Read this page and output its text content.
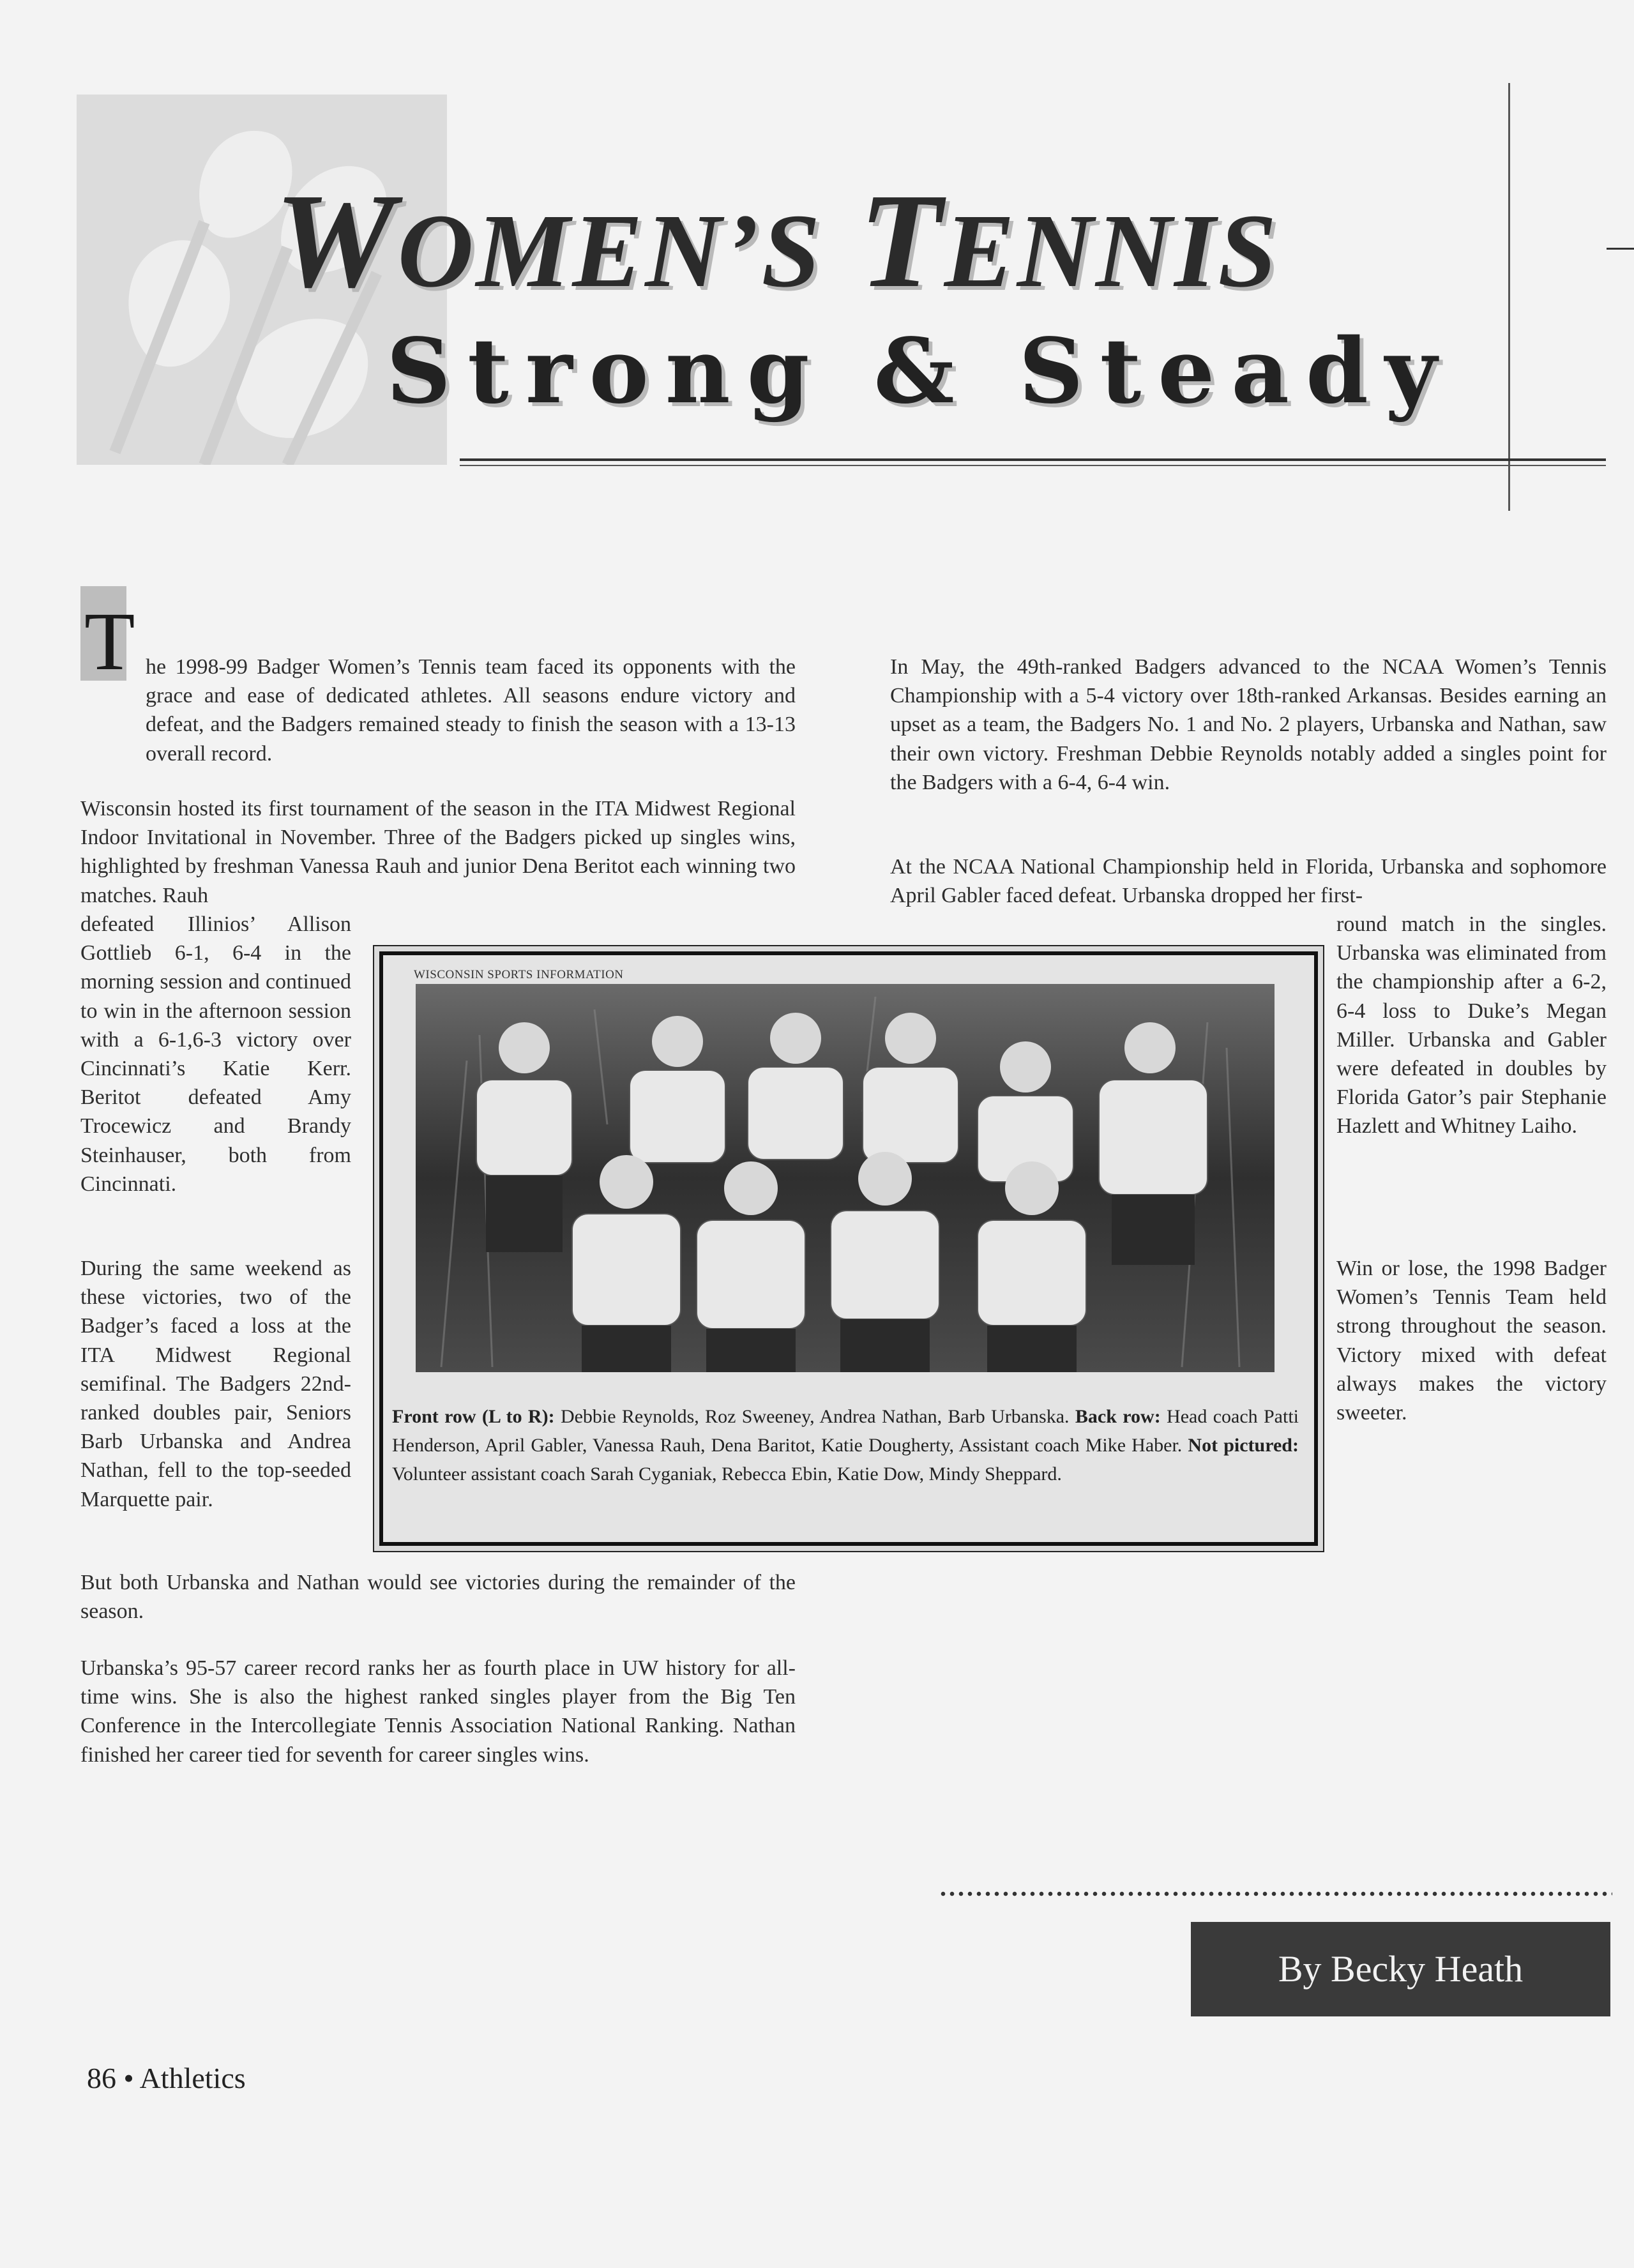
WOMEN’S TENNIS
Strong & Steady
T he 1998-99 Badger Women’s Tennis team faced its opponents with the grace and ease of dedicated athletes. All seasons endure victory and defeat, and the Badgers remained steady to finish the season with a 13-13 overall record.

Wisconsin hosted its first tournament of the season in the ITA Midwest Regional Indoor Invitational in November. Three of the Badgers picked up singles wins, highlighted by freshman Vanessa Rauh and junior Dena Beritot each winning two matches. Rauh

defeated Illinios’ Allison Gottlieb 6-1, 6-4 in the morning session and continued to win in the afternoon session with a 6-1,6-3 victory over Cincinnati’s Katie Kerr. Beritot defeated Amy Trocewicz and Brandy Steinhauser, both from Cincinnati.

During the same weekend as these victories, two of the Badger’s faced a loss at the ITA Midwest Regional semifinal. The Badgers 22nd-ranked doubles pair, Seniors Barb Urbanska and Andrea Nathan, fell to the top-seeded Marquette pair.

But both Urbanska and Nathan would see victories during the remainder of the season.

Urbanska’s 95-57 career record ranks her as fourth place in UW history for all-time wins. She is also the highest ranked singles player from the Big Ten Conference in the Intercollegiate Tennis Association National Ranking. Nathan finished her career tied for seventh for career singles wins.

In May, the 49th-ranked Badgers advanced to the NCAA Women’s Tennis Championship with a 5-4 victory over 18th-ranked Arkansas. Besides earning an upset as a team, the Badgers No. 1 and No. 2 players, Urbanska and Nathan, saw their own victory. Freshman Debbie Reynolds notably added a singles point for the Badgers with a 6-4, 6-4 win.

At the NCAA National Championship held in Florida, Urbanska and sophomore April Gabler faced defeat. Urbanska dropped her first-

round match in the singles. Urbanska was eliminated from the championship after a 6-2, 6-4 loss to Duke’s Megan Miller. Urbanska and Gabler were defeated in doubles by Florida Gator’s pair Stephanie Hazlett and Whitney Laiho.

Win or lose, the 1998 Badger Women’s Tennis Team held strong throughout the season. Victory mixed with defeat always makes the victory sweeter.

WISCONSIN SPORTS INFORMATION
Front row (L to R): Debbie Reynolds, Roz Sweeney, Andrea Nathan, Barb Urbanska. Back row: Head coach Patti Henderson, April Gabler, Vanessa Rauh, Dena Baritot, Katie Dougherty, Assistant coach Mike Haber. Not pictured: Volunteer assistant coach Sarah Cyganiak, Rebecca Ebin, Katie Dow, Mindy Sheppard.
By Becky Heath
86 • Athletics
